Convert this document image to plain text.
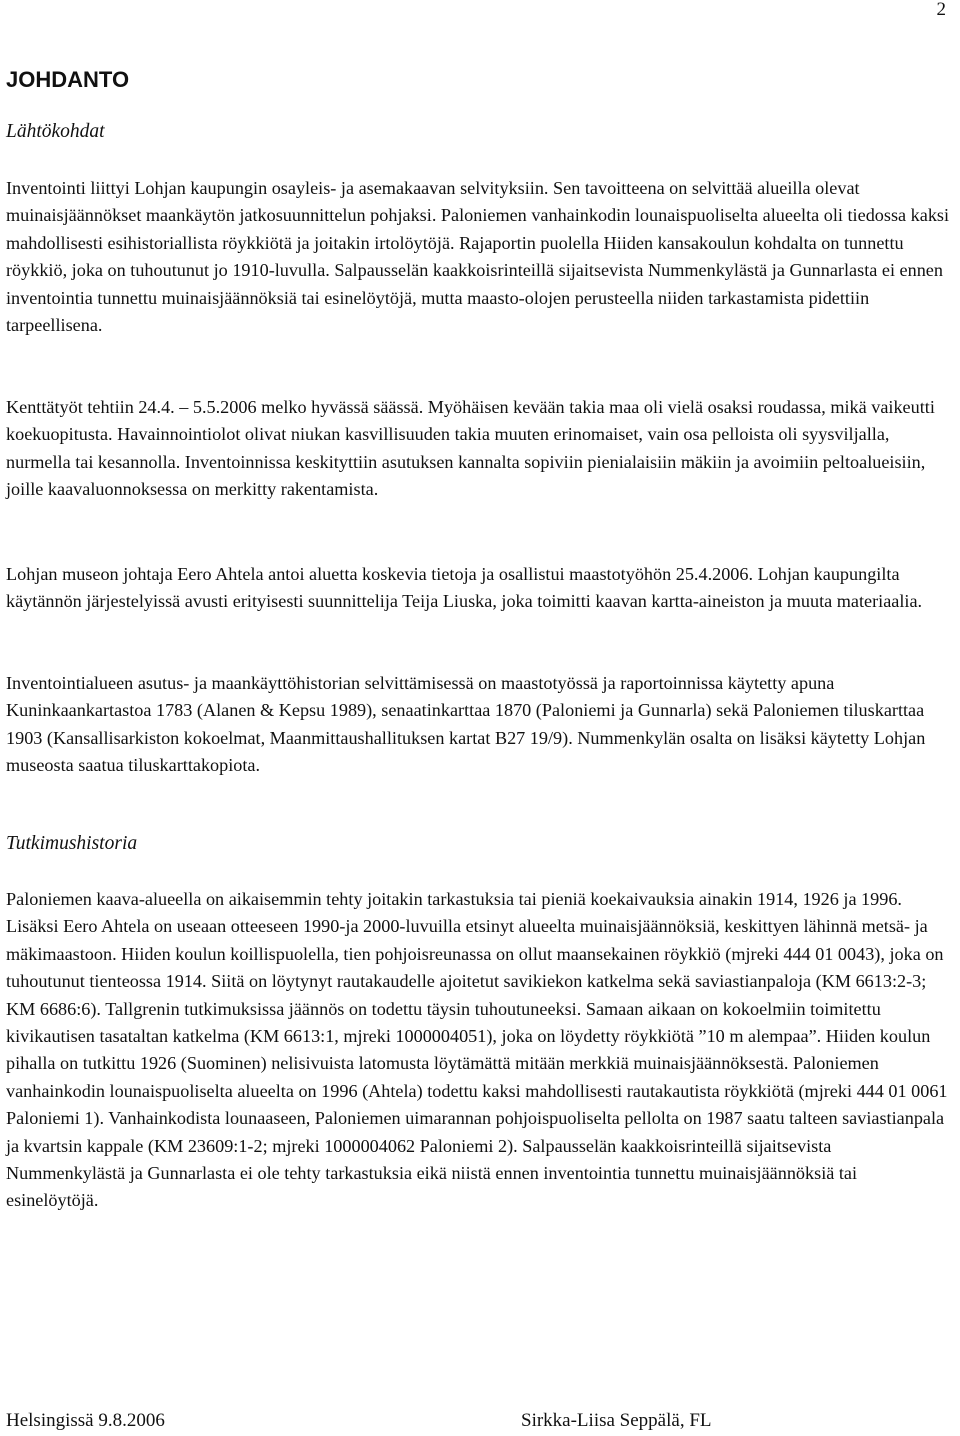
2
JOHDANTO
Lähtökohdat

Inventointi liittyi Lohjan kaupungin osayleis- ja asemakaavan selvityksiin. Sen tavoitteena on selvittää alueilla olevat muinaisjäännökset maankäytön jatkosuunnittelun pohjaksi. Paloniemen vanhainkodin lounaispuoliselta alueelta oli tiedossa kaksi mahdollisesti esihistoriallista röykkiötä ja joitakin irtolöytöjä. Rajaportin puolella Hiiden kansakoulun kohdalta on tunnettu röykkiö, joka on tuhoutunut jo 1910-luvulla. Salpausselän kaakkoisrinteillä sijaitsevista Nummenkylästä ja Gunnarlasta ei ennen inventointia tunnettu muinaisjäännöksiä tai esinelöytöjä, mutta maasto-olojen perusteella niiden tarkastamista pidettiin tarpeellisena.

Kenttätyöt tehtiin 24.4. – 5.5.2006 melko hyvässä säässä. Myöhäisen kevään takia maa oli vielä osaksi roudassa, mikä vaikeutti koekuopitusta. Havainnointiolot olivat niukan kasvillisuuden takia muuten erinomaiset, vain osa pelloista oli syysviljalla, nurmella tai kesannolla. Inventoinnissa keskityttiin asutuksen kannalta sopiviin pienialaisiin mäkiin ja avoimiin peltoalueisiin, joille kaavaluonnoksessa on merkitty rakentamista.

Lohjan museon johtaja Eero Ahtela antoi aluetta koskevia tietoja ja osallistui maastotyöhön 25.4.2006. Lohjan kaupungilta käytännön järjestelyissä avusti erityisesti suunnittelija Teija Liuska, joka toimitti kaavan kartta-aineiston ja muuta materiaalia.

Inventointialueen asutus- ja maankäyttöhistorian selvittämisessä on maastotyössä ja raportoinnissa käytetty apuna Kuninkaankartastoa 1783 (Alanen & Kepsu 1989), senaatinkarttaa 1870 (Paloniemi ja Gunnarla) sekä Paloniemen tiluskarttaa 1903 (Kansallisarkiston kokoelmat, Maanmittaushallituksen kartat B27 19/9). Nummenkylän osalta on lisäksi käytetty Lohjan museosta saatua tiluskarttakopiota.

Tutkimushistoria

Paloniemen kaava-alueella on aikaisemmin tehty joitakin tarkastuksia tai pieniä koekaivauksia ainakin 1914, 1926 ja 1996. Lisäksi Eero Ahtela on useaan otteeseen 1990-ja 2000-luvuilla etsinyt alueelta muinaisjäännöksiä, keskittyen lähinnä metsä- ja mäkimaastoon. Hiiden koulun koillispuolella, tien pohjoisreunassa on ollut maansekainen röykkiö (mjreki 444 01 0043), joka on tuhoutunut tienteossa 1914. Siitä on löytynyt rautakaudelle ajoitetut savikiekon katkelma sekä saviastianpaloja (KM 6613:2-3; KM 6686:6). Tallgrenin tutkimuksissa jäännös on todettu täysin tuhoutuneeksi. Samaan aikaan on kokoelmiin toimitettu kivikautisen tasataltan katkelma (KM 6613:1, mjreki 1000004051), joka on löydetty röykkiötä ”10 m alempaa”. Hiiden koulun pihalla on tutkittu 1926 (Suominen) nelisivuista latomusta löytämättä mitään merkkiä muinaisjäännöksestä. Paloniemen vanhainkodin lounaispuoliselta alueelta on 1996 (Ahtela) todettu kaksi mahdollisesti rautakautista röykkiötä (mjreki 444 01 0061 Paloniemi 1). Vanhainkodista lounaaseen, Paloniemen uimarannan pohjoispuoliselta pellolta on 1987 saatu talteen saviastianpala ja kvartsin kappale (KM 23609:1-2; mjreki 1000004062 Paloniemi 2). Salpausselän kaakkoisrinteillä sijaitsevista Nummenkylästä ja Gunnarlasta ei ole tehty tarkastuksia eikä niistä ennen inventointia tunnettu muinaisjäännöksiä tai esinelöytöjä.

Helsingissä 9.8.2006	Sirkka-Liisa Seppälä, FL
